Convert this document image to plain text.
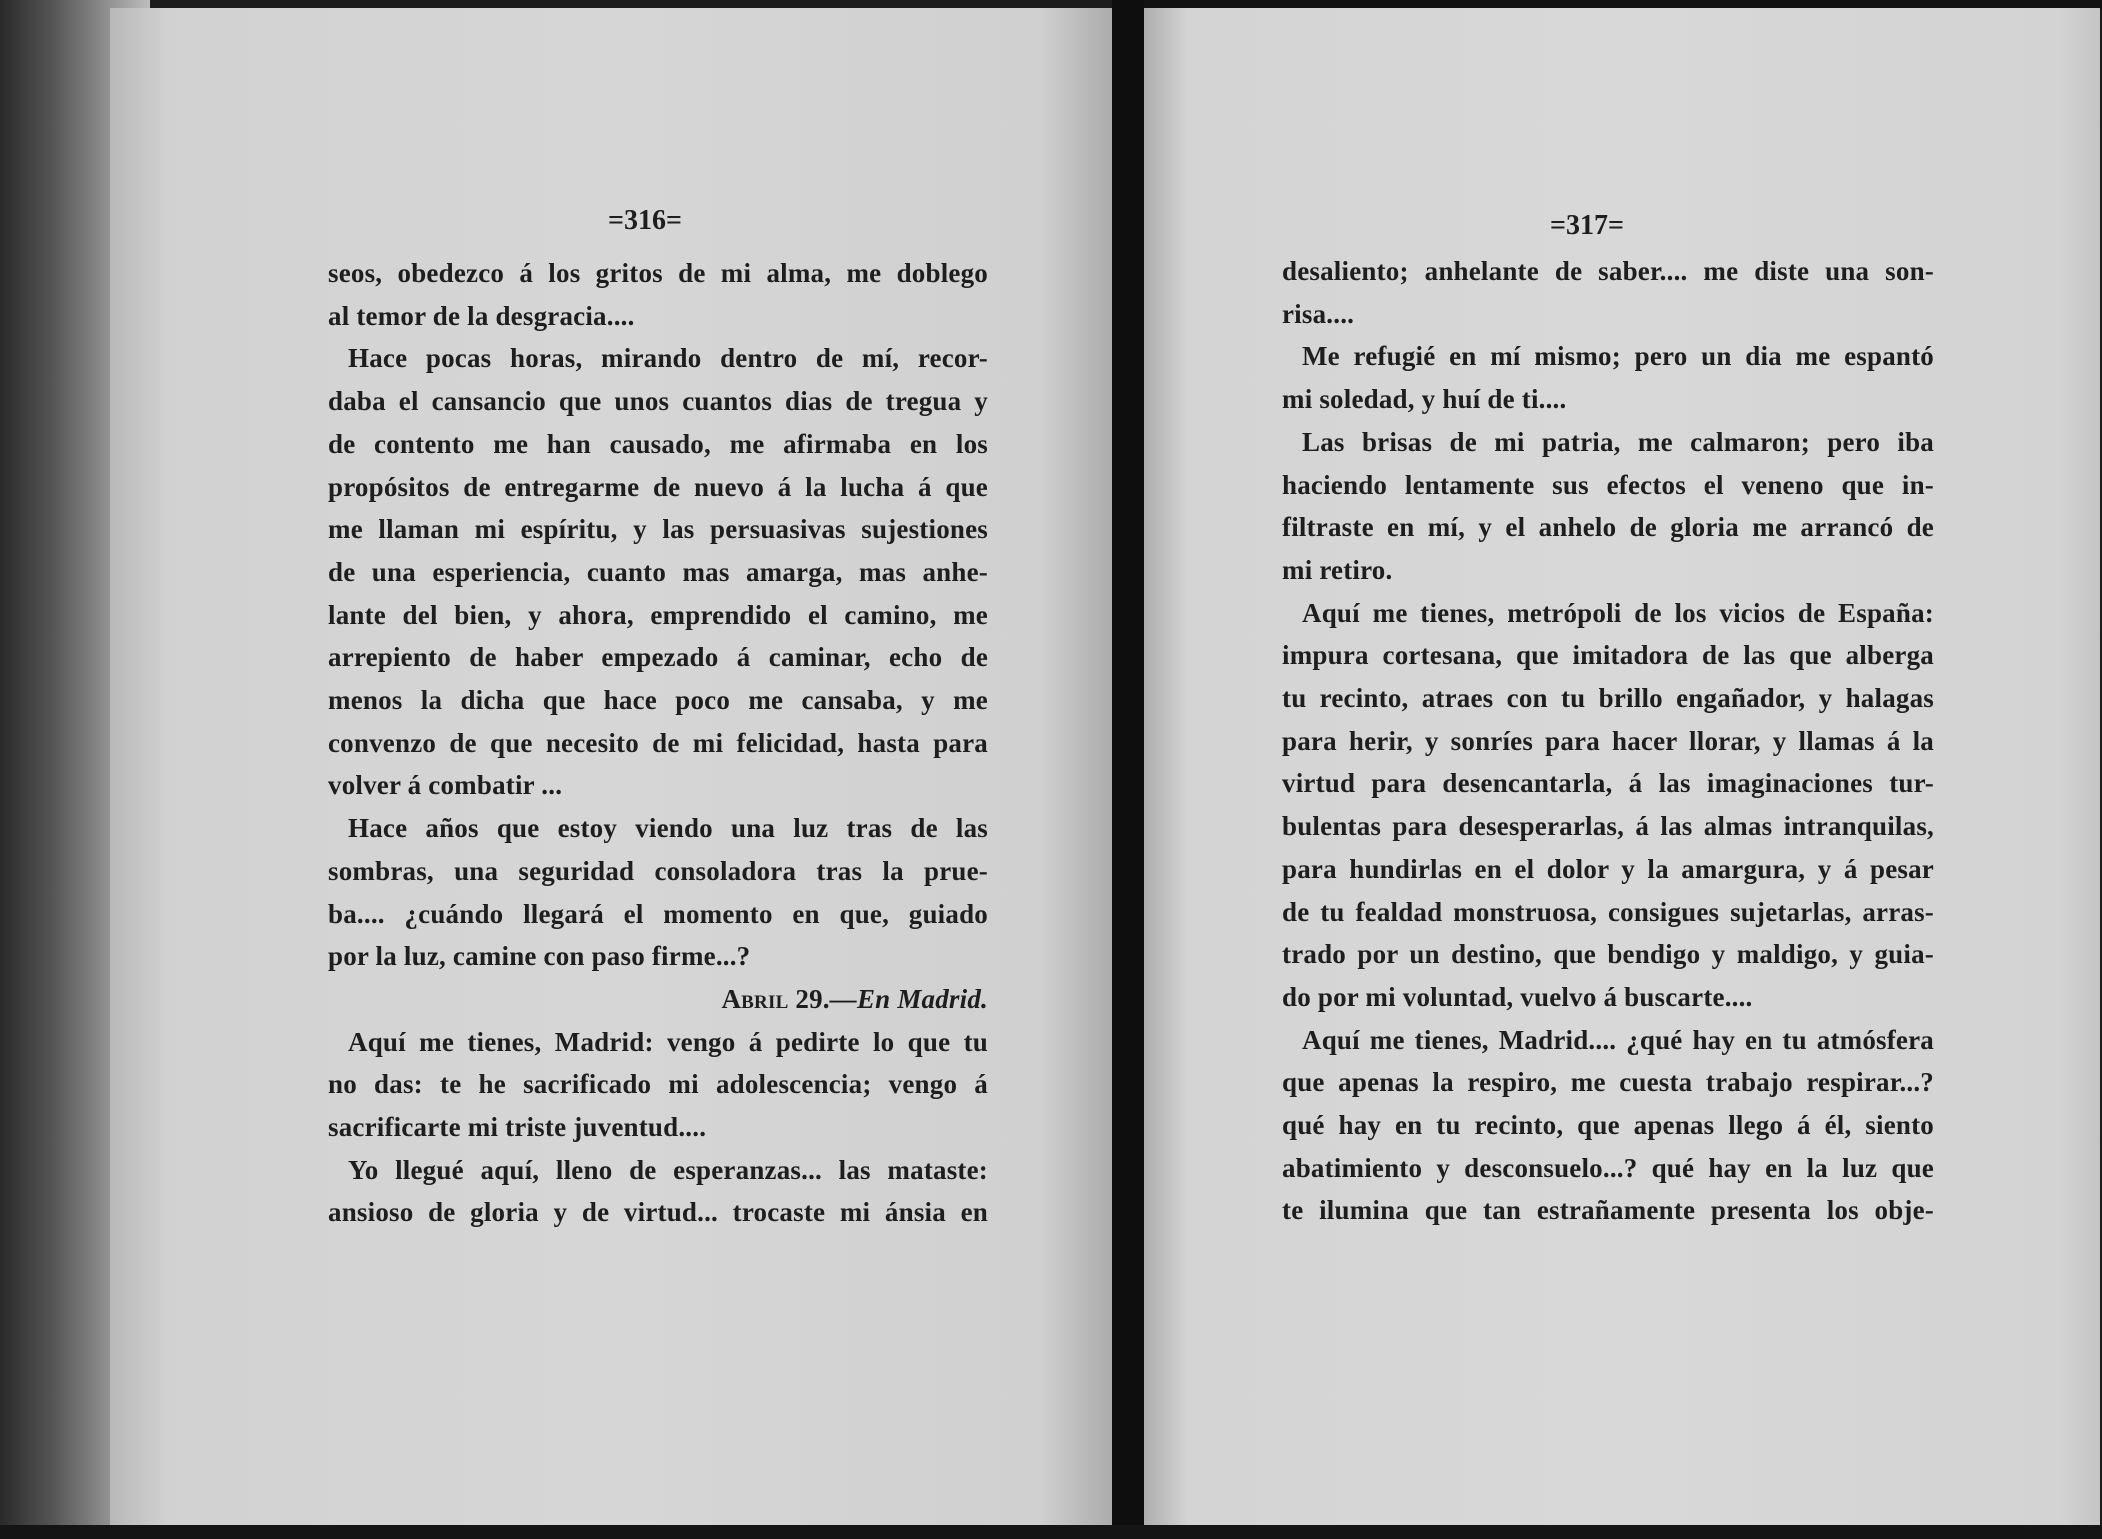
=316=
seos, obedezco á los gritos de mi alma, me doblego
al temor de la desgracia....
Hace pocas horas, mirando dentro de mí, recor-
daba el cansancio que unos cuantos dias de tregua y
de contento me han causado, me afirmaba en los
propósitos de entregarme de nuevo á la lucha á que
me llaman mi espíritu, y las persuasivas sujestiones
de una esperiencia, cuanto mas amarga, mas anhe-
lante del bien, y ahora, emprendido el camino, me
arrepiento de haber empezado á caminar, echo de
menos la dicha que hace poco me cansaba, y me
convenzo de que necesito de mi felicidad, hasta para
volver á combatir ...
Hace años que estoy viendo una luz tras de las
sombras, una seguridad consoladora tras la prue-
ba.... ¿cuándo llegará el momento en que, guiado
por la luz, camine con paso firme...?
Abril 29.—En Madrid.
Aquí me tienes, Madrid: vengo á pedirte lo que tu
no das: te he sacrificado mi adolescencia; vengo á
sacrificarte mi triste juventud....
Yo llegué aquí, lleno de esperanzas... las mataste:
ansioso de gloria y de virtud... trocaste mi ánsia en
=317=
desaliento; anhelante de saber.... me diste una son-
risa....
Me refugié en mí mismo; pero un dia me espantó
mi soledad, y huí de ti....
Las brisas de mi patria, me calmaron; pero iba
haciendo lentamente sus efectos el veneno que in-
filtraste en mí, y el anhelo de gloria me arrancó de
mi retiro.
Aquí me tienes, metrópoli de los vicios de España:
impura cortesana, que imitadora de las que alberga
tu recinto, atraes con tu brillo engañador, y halagas
para herir, y sonríes para hacer llorar, y llamas á la
virtud para desencantarla, á las imaginaciones tur-
bulentas para desesperarlas, á las almas intranquilas,
para hundirlas en el dolor y la amargura, y á pesar
de tu fealdad monstruosa, consigues sujetarlas, arras-
trado por un destino, que bendigo y maldigo, y guia-
do por mi voluntad, vuelvo á buscarte....
Aquí me tienes, Madrid.... ¿qué hay en tu atmósfera
que apenas la respiro, me cuesta trabajo respirar...?
qué hay en tu recinto, que apenas llego á él, siento
abatimiento y desconsuelo...? qué hay en la luz que
te ilumina que tan estrañamente presenta los obje-
